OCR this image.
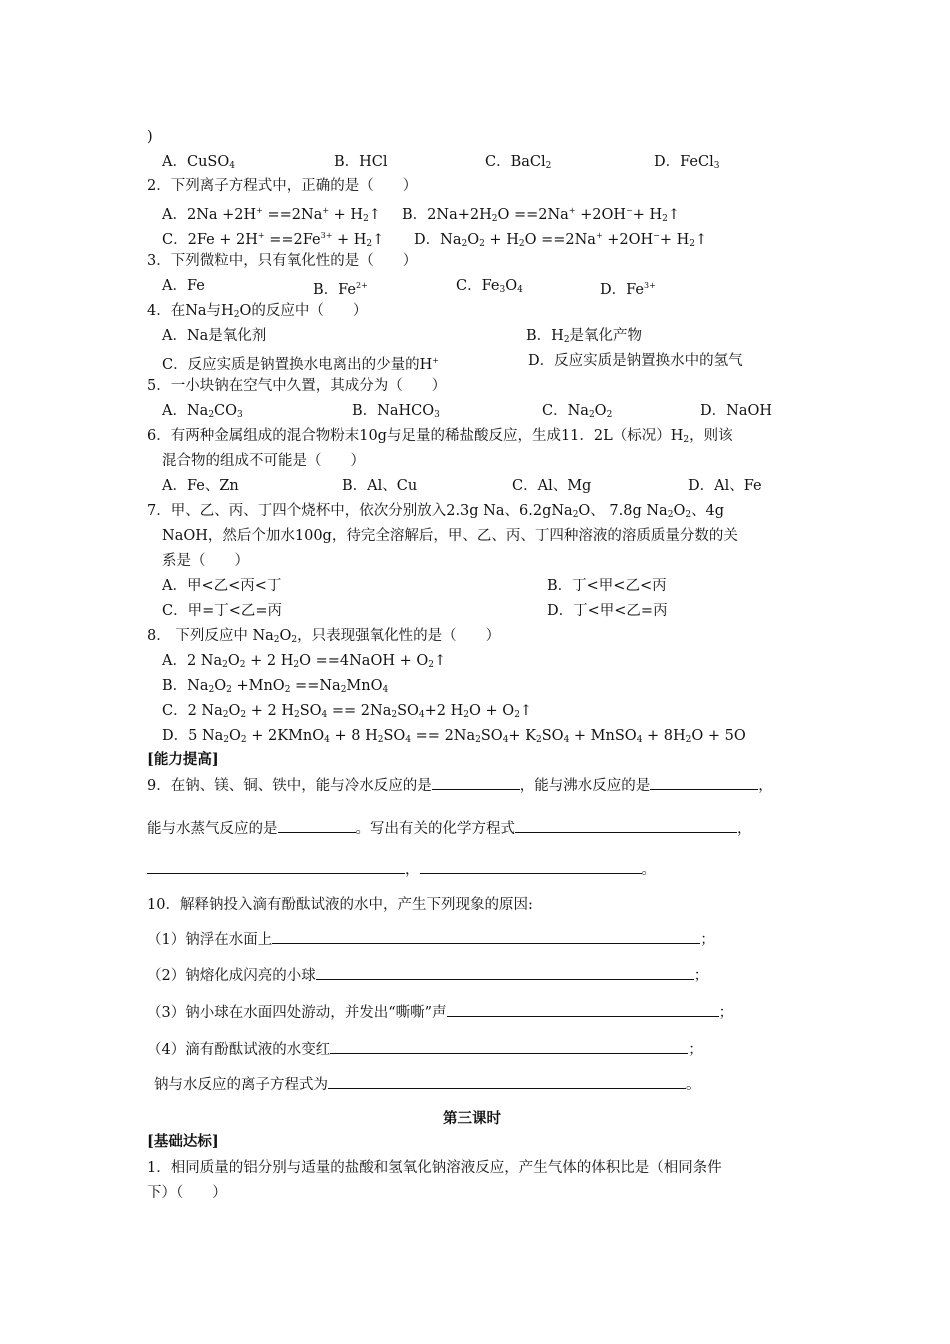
)
A．CuSO$_4$	B．HCl	C．BaCl$_2$	D．FeCl$_3$
2．下列离子方程式中，正确的是（　　）
A．$2Na +2H^+ ==2Na^+ + H_2↑$ B．$2Na+2H_2O ==2Na^+ +2OH^-+$ $H_2↑$
C．$2Fe + 2H^+ ==2Fe^{3+}$ + $H_2↑$ D．$Na_2O_2 + H_2O ==2Na^+ +2OH^-+$ $H_2↑$
3．下列微粒中，只有氧化性的是（　　）
A．Fe	B．$Fe^{2+}$	C．$Fe_3O_4$	D．$Fe^{3+}$
4．在Na与$H_2O$的反应中（　　）
A．Na是氧化剂	B．$H_2$是氧化产物
C．反应实质是钠置换水电离出的少量的H+	D．反应实质是钠置换水中的氢气
5．一小块钠在空气中久置，其成分为（　　）
A．$Na_2CO_3$	B．NaHCO$_3$	C．$Na_2O_2$	D．NaOH
6．有两种金属组成的混合物粉末10g与足量的稀盐酸反应，生成11．2L（标况）$H_2$，则该
混合物的组成不可能是（　　）
A．Fe、Zn	B．Al、Cu	C．Al、Mg	D．Al、Fe
7．甲、乙、丙、丁四个烧杯中，依次分别放入2.3g Na、6.2gNa$_2$O、 7.8g $Na_2O_2$、4g
NaOH，然后个加水100g，待完全溶解后，甲、乙、丙、丁四种溶液的溶质质量分数的关
系是（　　）
A．甲<乙<丙<丁	B．丁<甲<乙<丙
C．甲=丁<乙=丙	D．丁<甲<乙=丙
8． 下列反应中 $Na_2O_2$，只表现强氧化性的是（　　）
A．2 $Na_2O_2 + 2$ $H_2O$ ==4NaOH + $O_2↑$
B．$Na_2O_2 +MnO_2 ==Na_2MnO_4$
C．2 $Na_2O_2 + 2$ $H_2SO_4 == 2Na_2SO_4+2$ $H_2O$ + $O_2↑$
D．5 $Na_2O_2$ + 2KMnO$_4$ + 8 $H_2SO_4 == 2Na_2SO_4+ K_2SO_4$ + MnSO$_4$ + $8H_2O + 5O$
[能力提高]
9．在钠、镁、铜、铁中，能与冷水反应的是	，能与沸水反应的是	，
能与水蒸气反应的是	。写出有关的化学方程式	，
，	。
10．解释钠投入滴有酚酞试液的水中，产生下列现象的原因:
（1）钠浮在水面上	；
（2）钠熔化成闪亮的小球	；
（3）钠小球在水面四处游动，并发出“嘶嘶”声	；
（4）滴有酚酞试液的水变红	；
钠与水反应的离子方程式为	。
第三课时
[基础达标]
1．相同质量的铝分别与适量的盐酸和氢氧化钠溶液反应，产生气体的体积比是（相同条件
下）（　　）
